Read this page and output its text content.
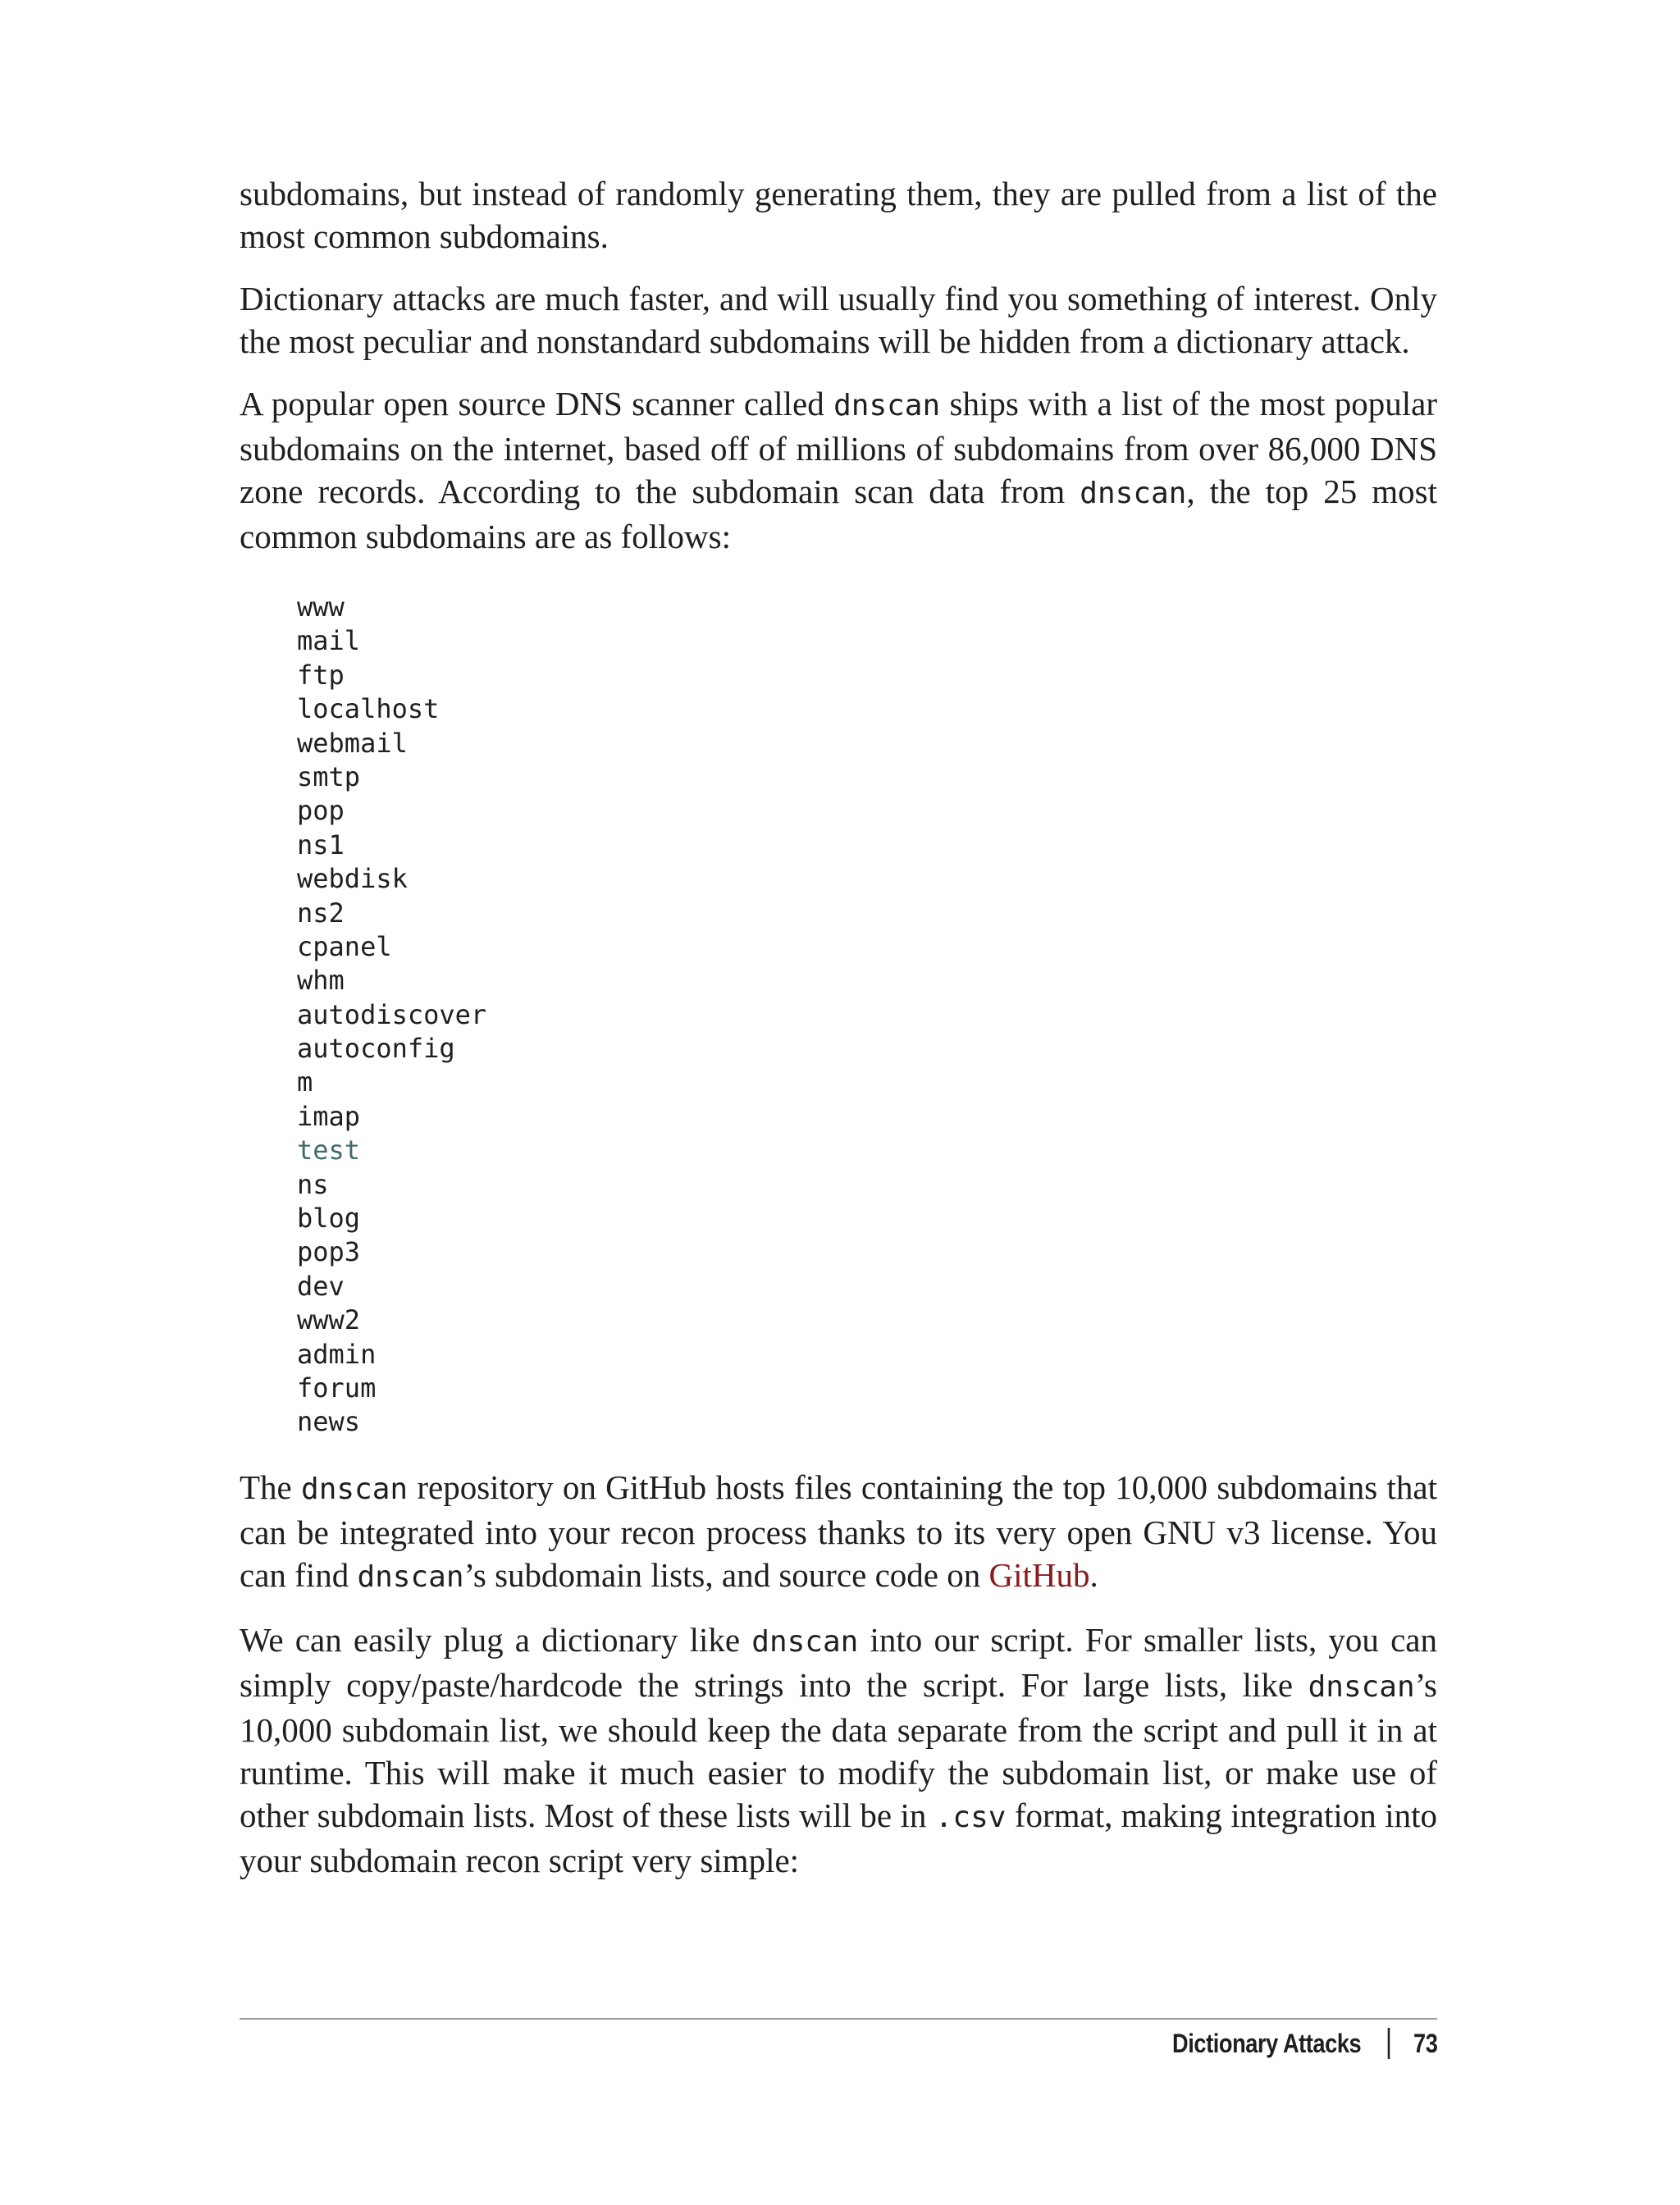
subdomains, but instead of randomly generating them, they are pulled from a list of the most common subdomains.

Dictionary attacks are much faster, and will usually find you something of interest. Only the most peculiar and nonstandard subdomains will be hidden from a dictionary attack.

A popular open source DNS scanner called dnscan ships with a list of the most popular subdomains on the internet, based off of millions of subdomains from over 86,000 DNS zone records. According to the subdomain scan data from dnscan, the top 25 most common subdomains are as follows:

www
mail
ftp
localhost
webmail
smtp
pop
ns1
webdisk
ns2
cpanel
whm
autodiscover
autoconfig
m
imap
test
ns
blog
pop3
dev
www2
admin
forum
news

The dnscan repository on GitHub hosts files containing the top 10,000 subdomains that can be integrated into your recon process thanks to its very open GNU v3 license. You can find dnscan’s subdomain lists, and source code on GitHub.

We can easily plug a dictionary like dnscan into our script. For smaller lists, you can simply copy/paste/hardcode the strings into the script. For large lists, like dnscan’s 10,000 subdomain list, we should keep the data separate from the script and pull it in at runtime. This will make it much easier to modify the subdomain list, or make use of other subdomain lists. Most of these lists will be in .csv format, making integration into your subdomain recon script very simple:

Dictionary Attacks 73
